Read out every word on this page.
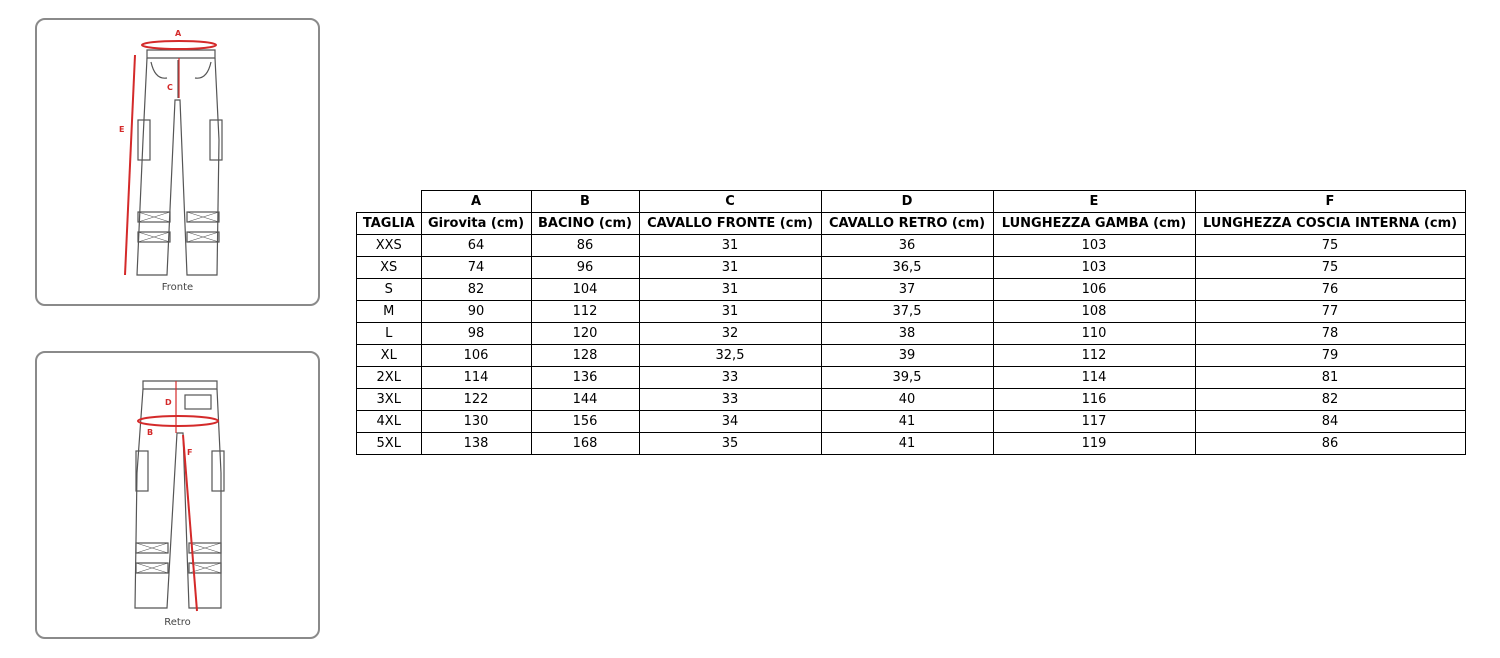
A
C
E
Fronte
B
D
F
Retro
	A	B	C	D	E	F
TAGLIA	Girovita (cm)	BACINO (cm)	CAVALLO FRONTE (cm)	CAVALLO RETRO (cm)	LUNGHEZZA GAMBA (cm)	LUNGHEZZA COSCIA INTERNA (cm)
XXS	64	86	31	36	103	75
XS	74	96	31	36,5	103	75
S	82	104	31	37	106	76
M	90	112	31	37,5	108	77
L	98	120	32	38	110	78
XL	106	128	32,5	39	112	79
2XL	114	136	33	39,5	114	81
3XL	122	144	33	40	116	82
4XL	130	156	34	41	117	84
5XL	138	168	35	41	119	86
